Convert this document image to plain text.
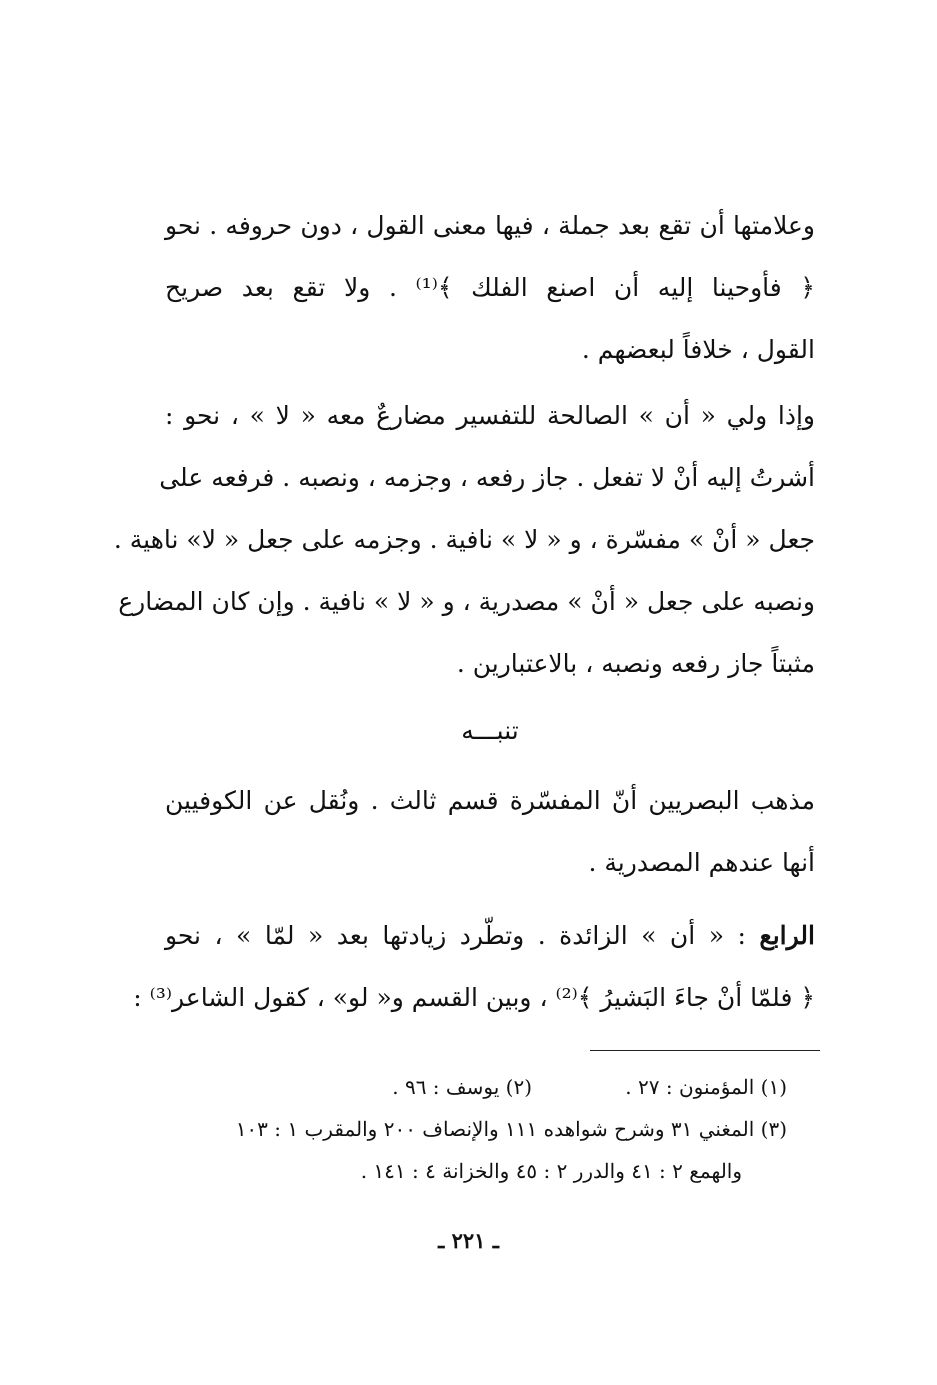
وعلامتها أن تقع بعد جملة ، فيها معنى القول ، دون حروفه . نحو
﴿ فأوحينا إليه أن اصنع الفلك ﴾⁽¹⁾ . ولا تقع بعد صريح
القول ، خلافاً لبعضهم .
وإذا ولي « أن » الصالحة للتفسير مضارعٌ معه « لا » ، نحو :
أشرتُ إليه أنْ لا تفعل . جاز رفعه ، وجزمه ، ونصبه . فرفعه على
جعل « أنْ » مفسّرة ، و « لا » نافية . وجزمه على جعل « لا» ناهية .
ونصبه على جعل « أنْ » مصدرية ، و « لا » نافية . وإن كان المضارع
مثبتاً جاز رفعه ونصبه ، بالاعتبارين .
تنبـــه
مذهب البصريين أنّ المفسّرة قسم ثالث . ونُقل عن الكوفيين
أنها عندهم المصدرية .
الرابع : « أن » الزائدة . وتطّرد زيادتها بعد « لمّا » ، نحو
﴿ فلمّا أنْ جاءَ البَشيرُ ﴾⁽²⁾ ، وبين القسم و« لو» ، كقول الشاعر⁽³⁾ :
(١) المؤمنون : ٢٧ .
(٢) يوسف : ٩٦ .
(٣) المغني ٣١ وشرح شواهده ١١١ والإنصاف ٢٠٠ والمقرب ١ : ١٠٣
والهمع ٢ : ٤١ والدرر ٢ : ٤٥ والخزانة ٤ : ١٤١ .
ـ ٢٢١ ـ
